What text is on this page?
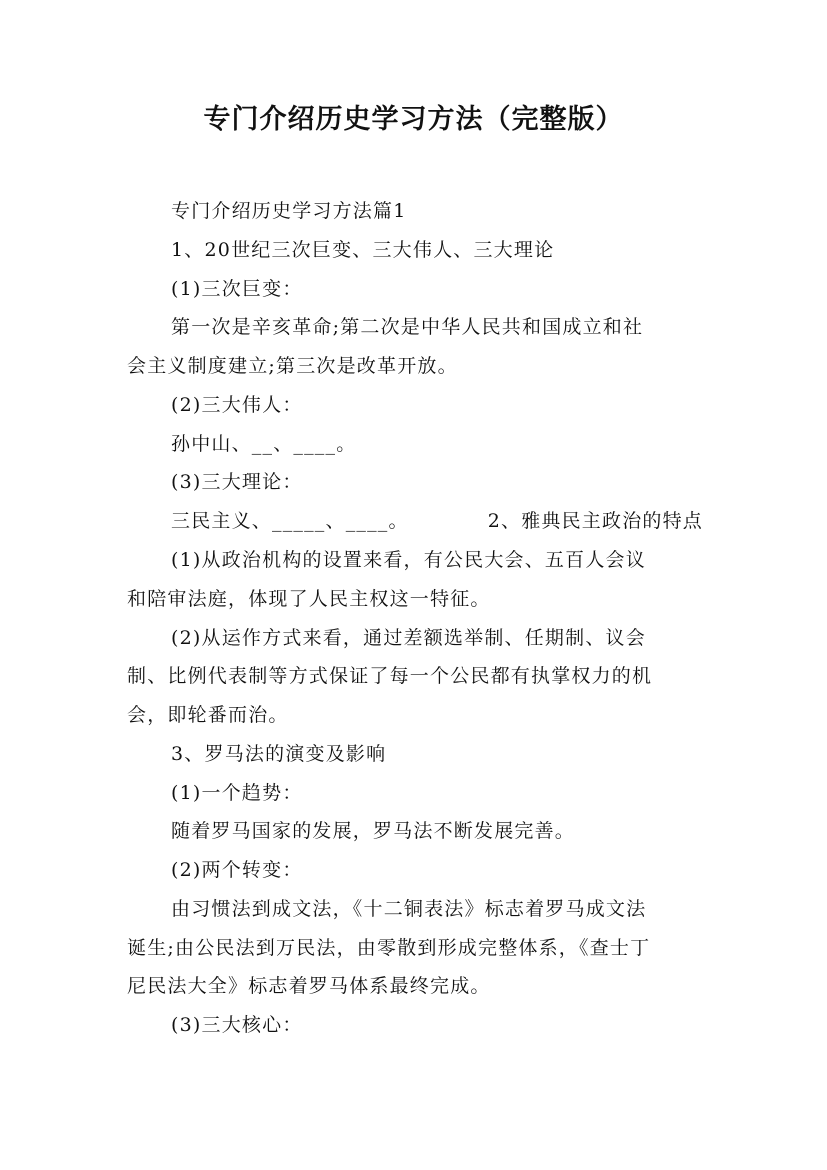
专门介绍历史学习方法（完整版）
专门介绍历史学习方法篇1
1、20世纪三次巨变、三大伟人、三大理论
(1)三次巨变：
第一次是辛亥革命;第二次是中华人民共和国成立和社
会主义制度建立;第三次是改革开放。
(2)三大伟人：
孙中山、__、____。
(3)三大理论：
三民主义、_____、____。	2、雅典民主政治的特点
(1)从政治机构的设置来看，有公民大会、五百人会议
和陪审法庭，体现了人民主权这一特征。
(2)从运作方式来看，通过差额选举制、任期制、议会
制、比例代表制等方式保证了每一个公民都有执掌权力的机
会，即轮番而治。
3、罗马法的演变及影响
(1)一个趋势：
随着罗马国家的发展，罗马法不断发展完善。
(2)两个转变：
由习惯法到成文法，《十二铜表法》标志着罗马成文法
诞生;由公民法到万民法，由零散到形成完整体系，《查士丁
尼民法大全》标志着罗马体系最终完成。
(3)三大核心：
